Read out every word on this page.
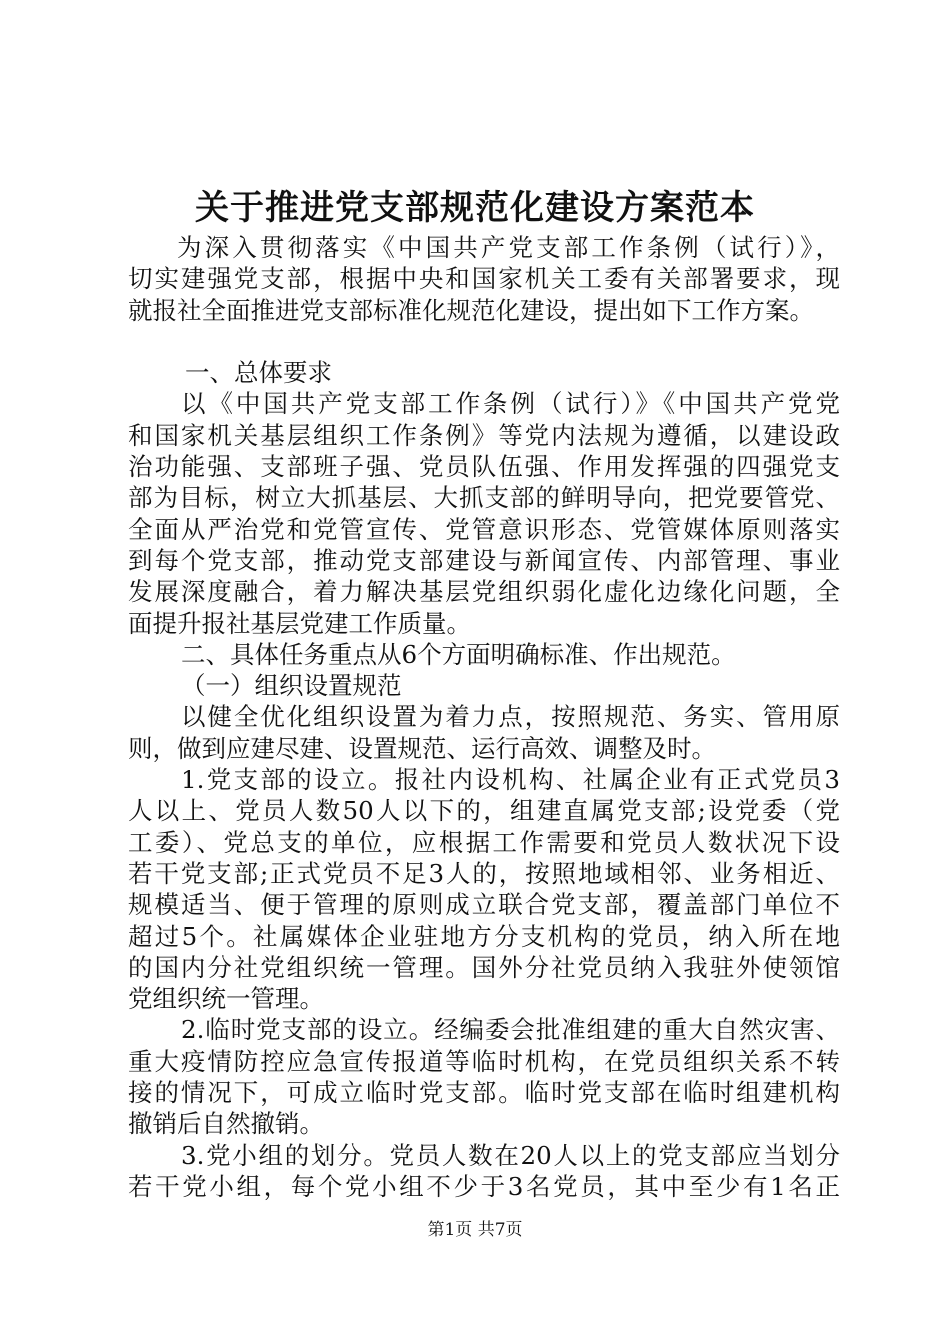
关于推进党支部规范化建设方案范本
为深入贯彻落实《中国共产党支部工作条例（试行）》，
切实建强党支部，根据中央和国家机关工委有关部署要求，现
就报社全面推进党支部标准化规范化建设，提出如下工作方案。
一、总体要求
以《中国共产党支部工作条例（试行）》《中国共产党党
和国家机关基层组织工作条例》等党内法规为遵循，以建设政
治功能强、支部班子强、党员队伍强、作用发挥强的四强党支
部为目标，树立大抓基层、大抓支部的鲜明导向，把党要管党、
全面从严治党和党管宣传、党管意识形态、党管媒体原则落实
到每个党支部，推动党支部建设与新闻宣传、内部管理、事业
发展深度融合，着力解决基层党组织弱化虚化边缘化问题，全
面提升报社基层党建工作质量。
二、具体任务重点从6个方面明确标准、作出规范。
（一）组织设置规范
以健全优化组织设置为着力点，按照规范、务实、管用原
则，做到应建尽建、设置规范、运行高效、调整及时。
1.党支部的设立。报社内设机构、社属企业有正式党员3
人以上、党员人数50人以下的，组建直属党支部;设党委（党
工委）、党总支的单位，应根据工作需要和党员人数状况下设
若干党支部;正式党员不足3人的，按照地域相邻、业务相近、
规模适当、便于管理的原则成立联合党支部，覆盖部门单位不
超过5个。社属媒体企业驻地方分支机构的党员，纳入所在地
的国内分社党组织统一管理。国外分社党员纳入我驻外使领馆
党组织统一管理。
2.临时党支部的设立。经编委会批准组建的重大自然灾害、
重大疫情防控应急宣传报道等临时机构，在党员组织关系不转
接的情况下，可成立临时党支部。临时党支部在临时组建机构
撤销后自然撤销。
3.党小组的划分。党员人数在20人以上的党支部应当划分
若干党小组，每个党小组不少于3名党员，其中至少有1名正
第1页 共7页
